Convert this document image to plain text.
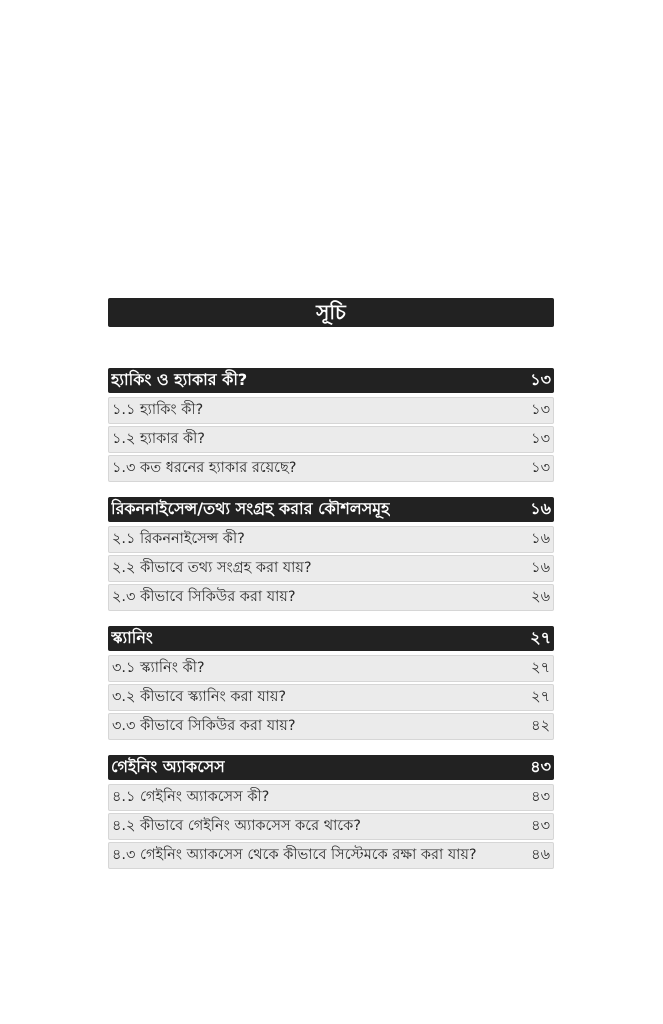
সূচি
হ্যাকিং ও হ্যাকার কী?	১৩
১.১ হ্যাকিং কী?	১৩
১.২ হ্যাকার কী?	১৩
১.৩ কত ধরনের হ্যাকার রয়েছে?	১৩
রিকননাইসেন্স/তথ্য সংগ্রহ করার কৌশলসমূহ	১৬
২.১ রিকননাইসেন্স কী?	১৬
২.২ কীভাবে তথ্য সংগ্রহ করা যায়?	১৬
২.৩ কীভাবে সিকিউর করা যায়?	২৬
স্ক্যানিং	২৭
৩.১ স্ক্যানিং কী?	২৭
৩.২ কীভাবে স্ক্যানিং করা যায়?	২৭
৩.৩ কীভাবে সিকিউর করা যায়?	৪২
গেইনিং অ্যাকসেস	৪৩
৪.১ গেইনিং অ্যাকসেস কী?	৪৩
৪.২ কীভাবে গেইনিং অ্যাকসেস করে থাকে?	৪৩
৪.৩ গেইনিং অ্যাকসেস থেকে কীভাবে সিস্টেমকে রক্ষা করা যায়?	৪৬
